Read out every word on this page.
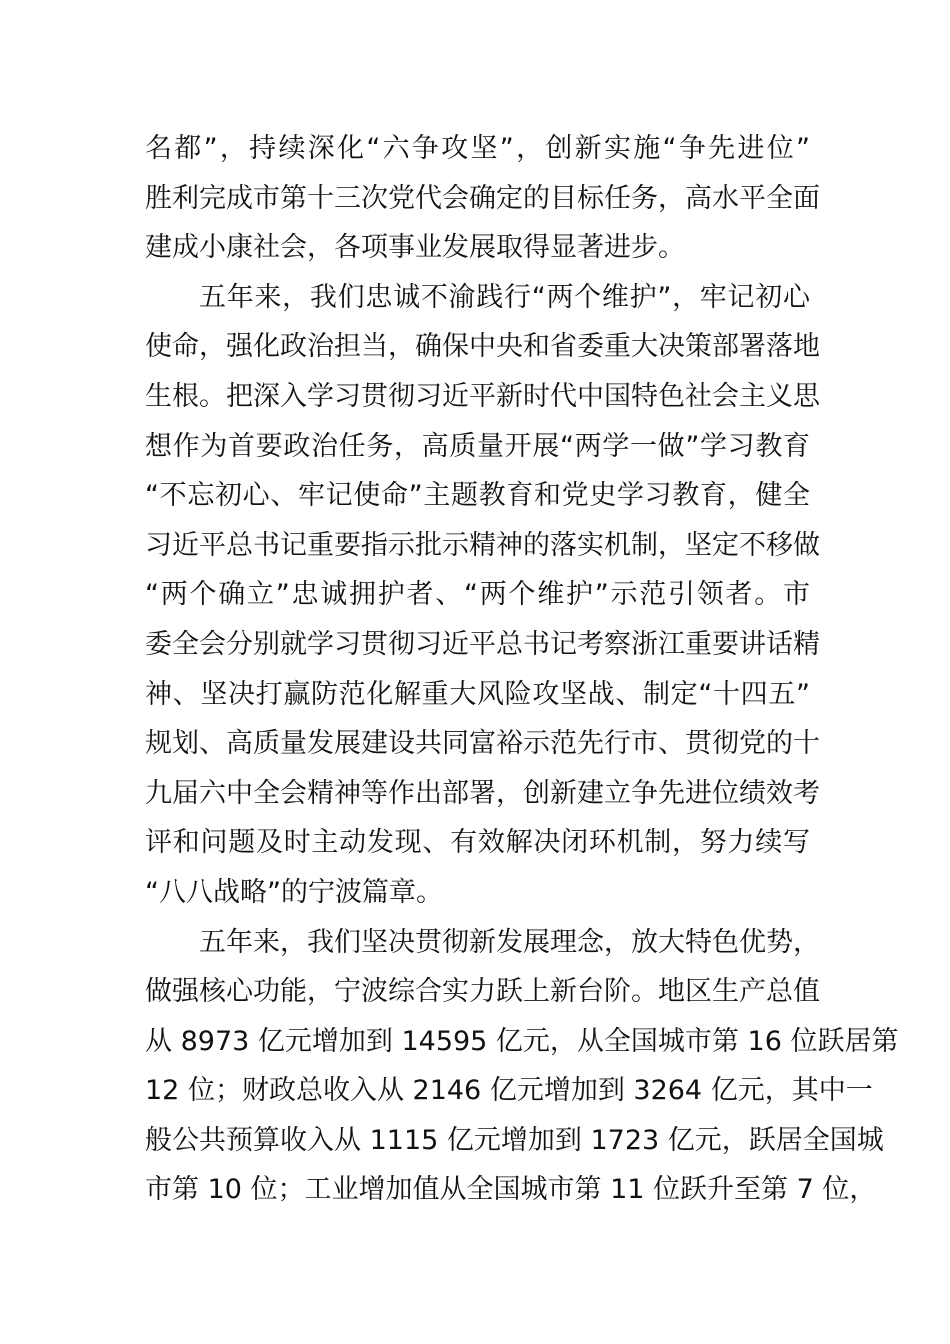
名都”，持续深化“六争攻坚”，创新实施“争先进位”
胜利完成市第十三次党代会确定的目标任务，高水平全面
建成小康社会，各项事业发展取得显著进步。
五年来，我们忠诚不渝践行“两个维护”，牢记初心
使命，强化政治担当，确保中央和省委重大决策部署落地
生根。把深入学习贯彻习近平新时代中国特色社会主义思
想作为首要政治任务，高质量开展“两学一做”学习教育
“不忘初心、牢记使命”主题教育和党史学习教育，健全
习近平总书记重要指示批示精神的落实机制，坚定不移做
“两个确立”忠诚拥护者、“两个维护”示范引领者。市
委全会分别就学习贯彻习近平总书记考察浙江重要讲话精
神、坚决打赢防范化解重大风险攻坚战、制定“十四五”
规划、高质量发展建设共同富裕示范先行市、贯彻党的十
九届六中全会精神等作出部署，创新建立争先进位绩效考
评和问题及时主动发现、有效解决闭环机制，努力续写
“八八战略”的宁波篇章。
五年来，我们坚决贯彻新发展理念，放大特色优势，
做强核心功能，宁波综合实力跃上新台阶。地区生产总值
从 8973 亿元增加到 14595 亿元，从全国城市第 16 位跃居第
12 位；财政总收入从 2146 亿元增加到 3264 亿元，其中一
般公共预算收入从 1115 亿元增加到 1723 亿元，跃居全国城
市第 10 位；工业增加值从全国城市第 11 位跃升至第 7 位，
